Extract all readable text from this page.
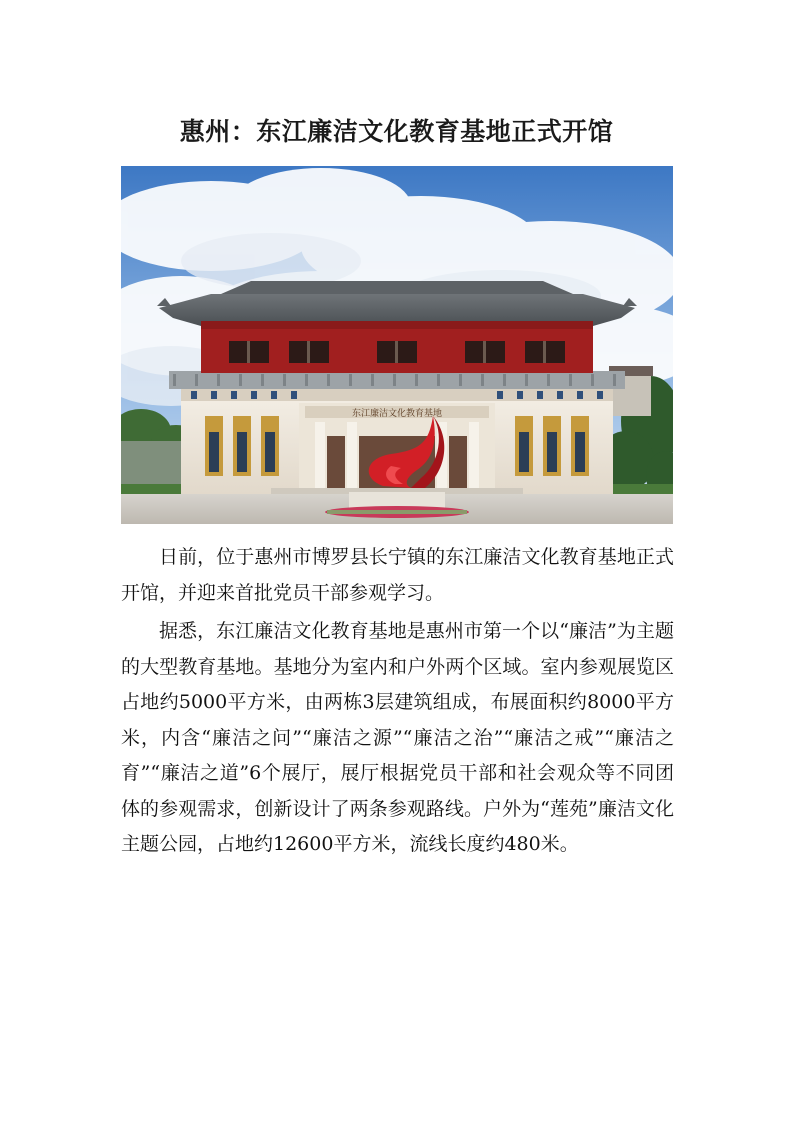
惠州：东江廉洁文化教育基地正式开馆
东江廉洁文化教育基地

日前，位于惠州市博罗县长宁镇的东江廉洁文化教育基地正式开馆，并迎来首批党员干部参观学习。

据悉，东江廉洁文化教育基地是惠州市第一个以“廉洁”为主题的大型教育基地。基地分为室内和户外两个区域。室内参观展览区占地约5000平方米，由两栋3层建筑组成，布展面积约8000平方米，内含“廉洁之问”“廉洁之源”“廉洁之治”“廉洁之戒”“廉洁之育”“廉洁之道”6个展厅，展厅根据党员干部和社会观众等不同团体的参观需求，创新设计了两条参观路线。户外为“莲苑”廉洁文化主题公园，占地约12600平方米，流线长度约480米。
